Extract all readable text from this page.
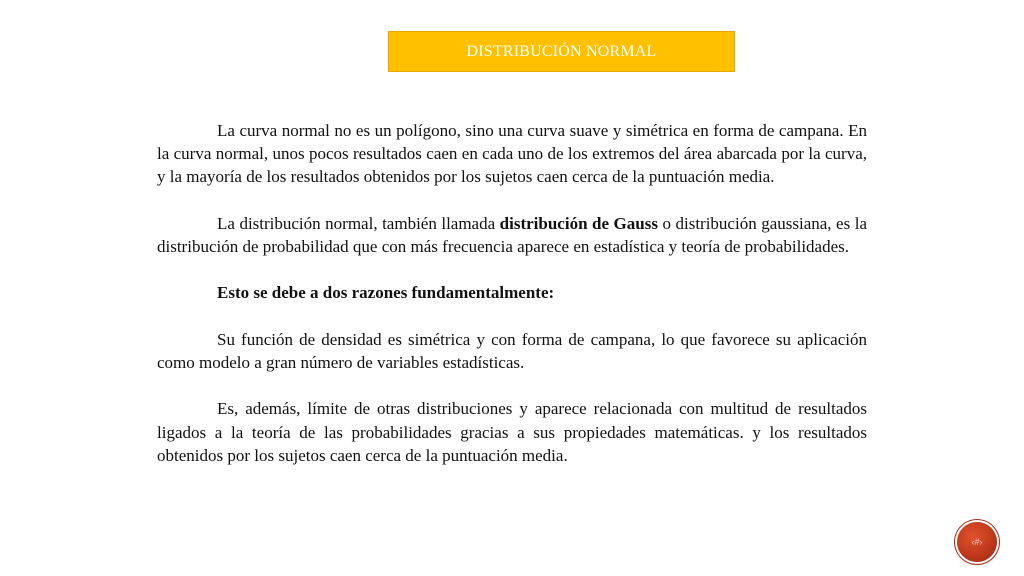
DISTRIBUCIÓN NORMAL

La curva normal no es un polígono, sino una curva suave y simétrica en forma de campana. En la curva normal, unos pocos resultados caen en cada uno de los extremos del área abarcada por la curva, y la mayoría de los resultados obtenidos por los sujetos caen cerca de la puntuación media.

La distribución normal, también llamada distribución de Gauss o distribución gaussiana, es la distribución de probabilidad que con más frecuencia aparece en estadística y teoría de probabilidades.

Esto se debe a dos razones fundamentalmente:

Su función de densidad es simétrica y con forma de campana, lo que favorece su aplicación como modelo a gran número de variables estadísticas.

Es, además, límite de otras distribuciones y aparece relacionada con multitud de resultados ligados a la teoría de las probabilidades gracias a sus propiedades matemáticas. y los resultados obtenidos por los sujetos caen cerca de la puntuación media.

‹#›
